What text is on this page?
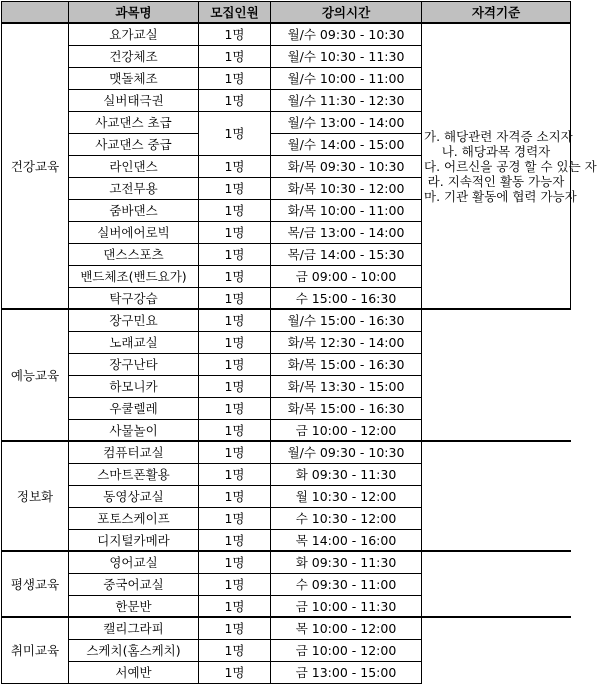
	과목명	모집인원	강의시간	자격기준
건강교육	요가교실	1명	월/수 09:30 - 10:30	가. 해당관련 자격증 소지자
나. 해당과목 경력자
다. 어르신을 공경 할 수 있는 자
라. 지속적인 활동 가능자
마. 기관 활동에 협력 가능자

	건강체조	1명	월/수 10:30 - 11:30	
	맷돌체조	1명	월/수 10:00 - 11:00	
	실버태극권	1명	월/수 11:30 - 12:30	
	사교댄스 초급	1명	월/수 13:00 - 14:00	
	사교댄스 중급		월/수 14:00 - 15:00	
	라인댄스	1명	화/목 09:30 - 10:30	
	고전무용	1명	화/목 10:30 - 12:00	
	줌바댄스	1명	화/목 10:00 - 11:00	
	실버에어로빅	1명	목/금 13:00 - 14:00	
	댄스스포츠	1명	목/금 14:00 - 15:30	
	밴드체조(밴드요가)	1명	금 09:00 - 10:00	
	탁구강습	1명	수 15:00 - 16:30	
예능교육	장구민요	1명	월/수 15:00 - 16:30	
	노래교실	1명	화/목 12:30 - 14:00	
	장구난타	1명	화/목 15:00 - 16:30	
	하모니카	1명	화/목 13:30 - 15:00	
	우쿨렐레	1명	화/목 15:00 - 16:30	
	사물놀이	1명	금 10:00 - 12:00	
정보화	컴퓨터교실	1명	월/수 09:30 - 10:30	
	스마트폰활용	1명	화 09:30 - 11:30	
	동영상교실	1명	월 10:30 - 12:00	
	포토스케이프	1명	수 10:30 - 12:00	
	디지털카메라	1명	목 14:00 - 16:00	
평생교육	영어교실	1명	화 09:30 - 11:30	
	중국어교실	1명	수 09:30 - 11:00	
	한문반	1명	금 10:00 - 11:30	
취미교육	캘리그라피	1명	목 10:00 - 12:00	
	스케치(홈스케치)	1명	금 10:00 - 12:00	
	서예반	1명	금 13:00 - 15:00	
